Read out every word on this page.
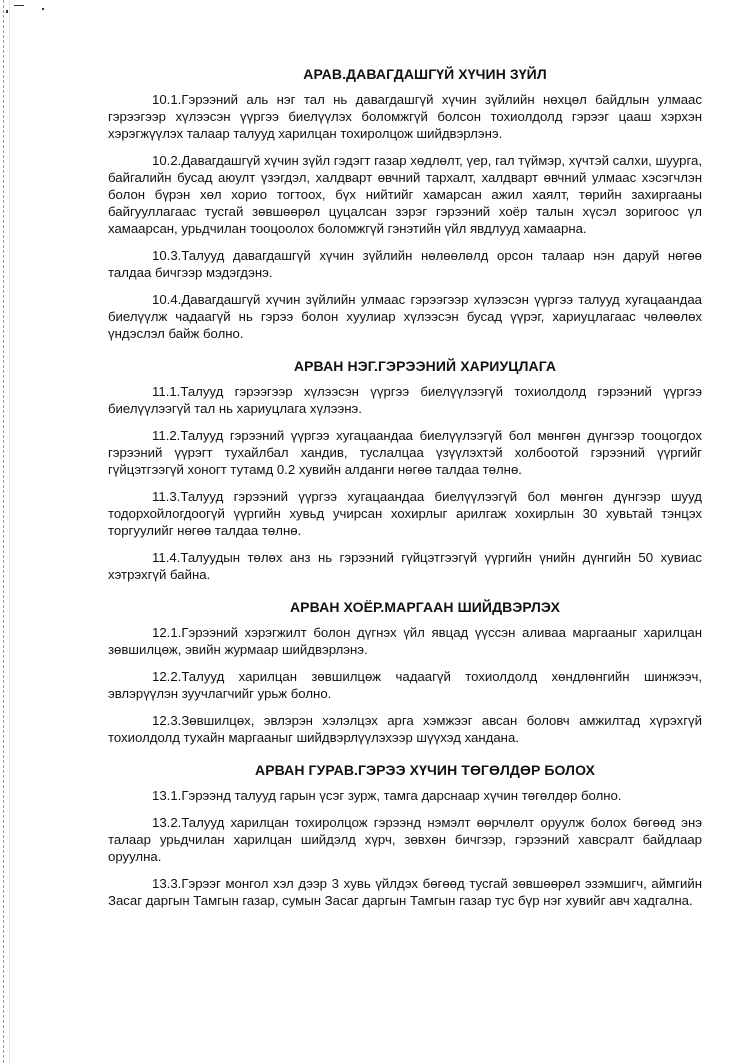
АРАВ.ДАВАГДАШГҮЙ ХҮЧИН ЗҮЙЛ

10.1.Гэрээний аль нэг тал нь давагдашгүй хүчин зүйлийн нөхцөл байдлын улмаас гэрээгээр хүлээсэн үүргээ биелүүлэх боломжгүй болсон тохиолдолд гэрээг цааш хэрхэн хэрэгжүүлэх талаар талууд харилцан тохиролцож шийдвэрлэнэ.

10.2.Давагдашгүй хүчин зүйл гэдэгт газар хөдлөлт, үер, гал түймэр, хүчтэй салхи, шуурга, байгалийн бусад аюулт үзэгдэл, халдварт өвчний тархалт, халдварт өвчний улмаас хэсэгчлэн болон бүрэн хөл хорио тогтоох, бүх нийтийг хамарсан ажил хаялт, төрийн захиргааны байгууллагаас тусгай зөвшөөрөл цуцалсан зэрэг гэрээний хоёр талын хүсэл зоригоос үл хамаарсан, урьдчилан тооцоолох боломжгүй гэнэтийн үйл явдлууд хамаарна.

10.3.Талууд давагдашгүй хүчин зүйлийн нөлөөлөлд орсон талаар нэн даруй нөгөө талдаа бичгээр мэдэгдэнэ.

10.4.Давагдашгүй хүчин зүйлийн улмаас гэрээгээр хүлээсэн үүргээ талууд хугацаандаа биелүүлж чадаагүй нь гэрээ болон хуулиар хүлээсэн бусад үүрэг, хариуцлагаас чөлөөлөх үндэслэл байж болно.

АРВАН НЭГ.ГЭРЭЭНИЙ ХАРИУЦЛАГА

11.1.Талууд гэрээгээр хүлээсэн үүргээ биелүүлээгүй тохиолдолд гэрээний үүргээ биелүүлээгүй тал нь хариуцлага хүлээнэ.

11.2.Талууд гэрээний үүргээ хугацаандаа биелүүлээгүй бол мөнгөн дүнгээр тооцогдох гэрээний үүрэгт тухайлбал хандив, туслалцаа үзүүлэхтэй холбоотой гэрээний үүргийг гүйцэтгээгүй хоногт тутамд 0.2 хувийн алданги нөгөө талдаа төлнө.

11.3.Талууд гэрээний үүргээ хугацаандаа биелүүлээгүй бол мөнгөн дүнгээр шууд тодорхойлогдоогүй үүргийн хувьд учирсан хохирлыг арилгаж хохирлын 30 хувьтай тэнцэх торгуулийг нөгөө талдаа төлнө.

11.4.Талуудын төлөх анз нь гэрээний гүйцэтгээгүй үүргийн үнийн дүнгийн 50 хувиас хэтрэхгүй байна.

АРВАН ХОЁР.МАРГААН ШИЙДВЭРЛЭХ

12.1.Гэрээний хэрэгжилт болон дүгнэх үйл явцад үүссэн аливаа маргааныг харилцан зөвшилцөж, эвийн журмаар шийдвэрлэнэ.

12.2.Талууд харилцан зөвшилцөж чадаагүй тохиолдолд хөндлөнгийн шинжээч, эвлэрүүлэн зуучлагчийг урьж болно.

12.3.Зөвшилцөх, эвлэрэн хэлэлцэх арга хэмжээг авсан боловч амжилтад хүрэхгүй тохиолдолд тухайн маргааныг шийдвэрлүүлэхээр шүүхэд хандана.

АРВАН ГУРАВ.ГЭРЭЭ ХҮЧИН ТӨГӨЛДӨР БОЛОХ

13.1.Гэрээнд талууд гарын үсэг зурж, тамга дарснаар хүчин төгөлдөр болно.

13.2.Талууд харилцан тохиролцож гэрээнд нэмэлт өөрчлөлт оруулж болох бөгөөд энэ талаар урьдчилан харилцан шийдэлд хүрч, зөвхөн бичгээр, гэрээний хавсралт байдлаар оруулна.

13.3.Гэрээг монгол хэл дээр 3 хувь үйлдэх бөгөөд тусгай зөвшөөрөл эзэмшигч, аймгийн Засаг даргын Тамгын газар, сумын Засаг даргын Тамгын газар тус бүр нэг хувийг авч хадгална.
